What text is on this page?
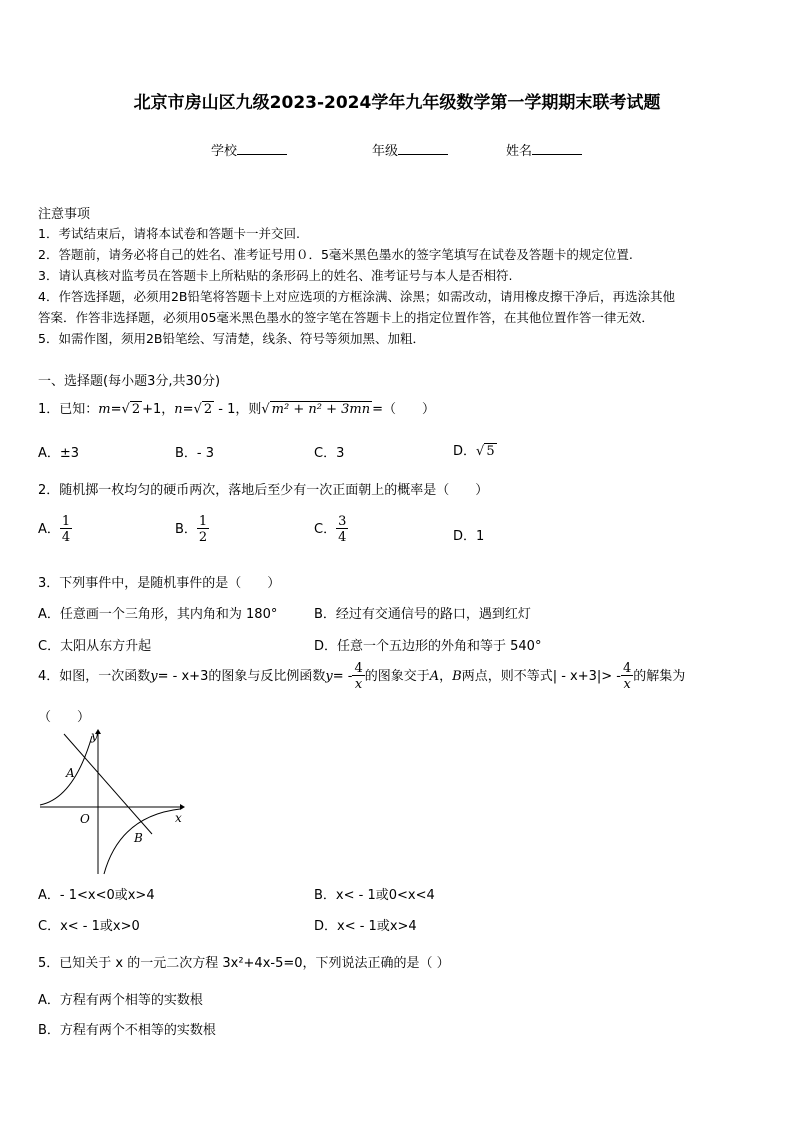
北京市房山区九级2023-2024学年九年级数学第一学期期末联考试题
学校	年级	姓名
注意事项
1．考试结束后，请将本试卷和答题卡一并交回.
2．答题前，请务必将自己的姓名、准考证号用０．5毫米黑色墨水的签字笔填写在试卷及答题卡的规定位置.
3．请认真核对监考员在答题卡上所粘贴的条形码上的姓名、准考证号与本人是否相符.
4．作答选择题，必须用2B铅笔将答题卡上对应选项的方框涂满、涂黑；如需改动，请用橡皮擦干净后，再选涂其他
答案．作答非选择题，必须用05毫米黑色墨水的签字笔在答题卡上的指定位置作答，在其他位置作答一律无效．
5．如需作图，须用2B铅笔绘、写清楚，线条、符号等须加黑、加粗．
一、选择题(每小题3分,共30分)
1．已知：m=√ 2 +1，n=√ 2 - 1，则√ m² + n² + 3mn =（　　）
A．±3	B．- 3	C．3	D．√ 5
2．随机掷一枚均匀的硬币两次，落地后至少有一次正面朝上的概率是（　　）
A． $\frac{1}{4}$	B． $\frac{1}{2}$	C． $\frac{3}{4}$	D．1
3．下列事件中，是随机事件的是（　　）
A．任意画一个三角形，其内角和为 180°	B．经过有交通信号的路口，遇到红灯
C．太阳从东方升起	D．任意一个五边形的外角和等于 540°
4．如图，一次函数y= - x+3的图象与反比例函数$y= - \frac{4}{x}$ 的图象交于A，B两点，则不等式| - $x+3|> - \frac{4}{x}$ 的解集为
（　　）
y
x
O
A
B
A．- 1<x<0或x>4	B．x< - 1或0<x<4
C．x< - 1或x>0	D．x< - 1或x>4
5．已知关于 x 的一元二次方程 3x²+4x-5=0，下列说法正确的是（ ）
A．方程有两个相等的实数根
B．方程有两个不相等的实数根
